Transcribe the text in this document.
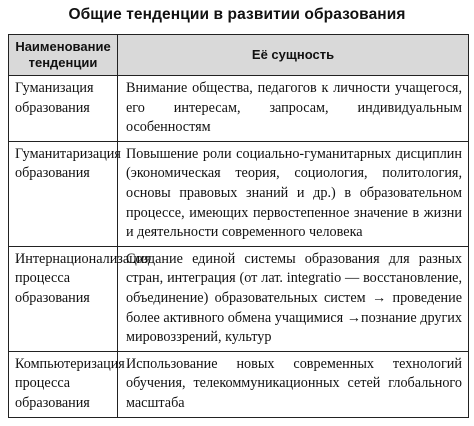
Общие тенденции в развитии образования
Наименование тенденции	Её сущность
Гуманизация образования	Внимание общества, педагогов к личности учащегося, его интересам, запросам, индивидуальным особенностям
Гуманитаризация образования	Повышение роли социально-гуманитарных дисциплин (экономическая теория, социология, политология, основы правовых знаний и др.) в образовательном процессе, имеющих первостепенное значение в жизни и деятельности современного человека
Интернационализация процесса образования	Создание единой системы образования для разных стран, интеграция (от лат. integratio — восстановление, объединение) образовательных систем → проведение более активного обмена учащимися →познание других мировоззрений, культур
Компьютеризация процесса образования	Использование новых современных технологий обучения, телекоммуникационных сетей глобального масштаба
